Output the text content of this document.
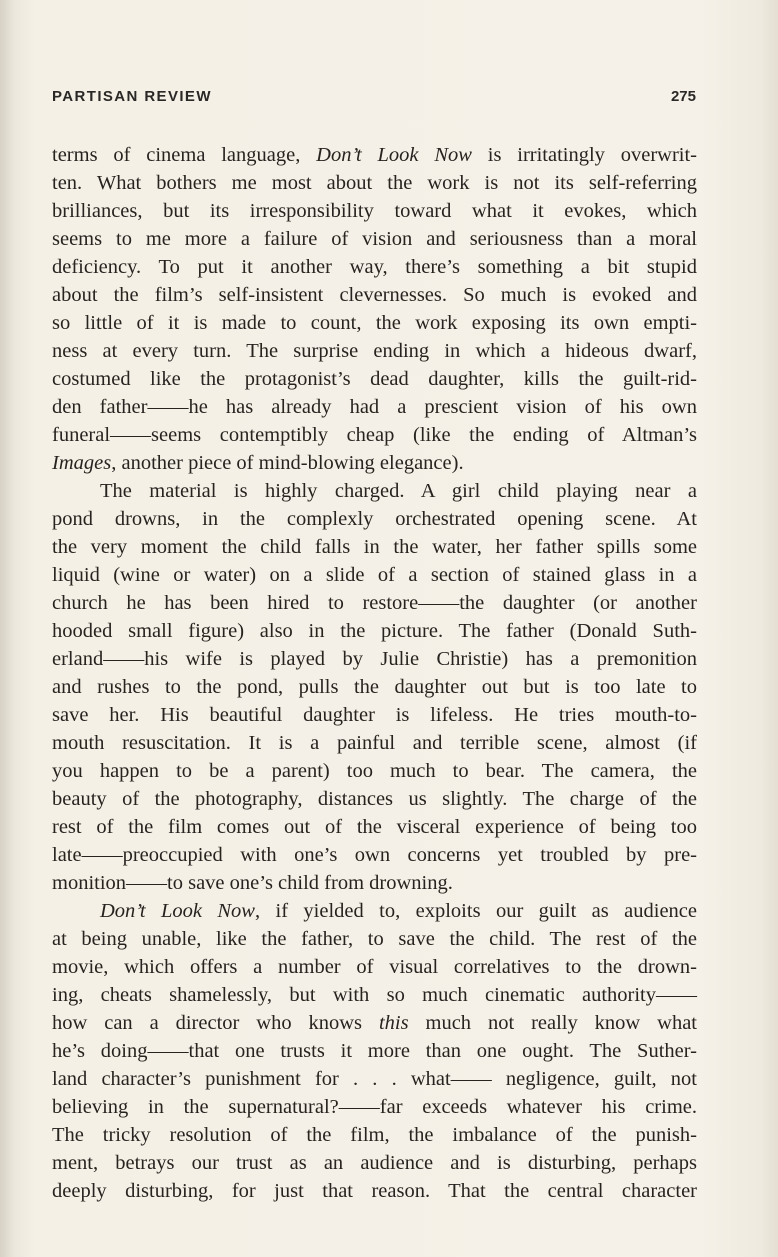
PARTISAN REVIEW	275
terms of cinema language, Don’t Look Now is irritatingly overwrit-
ten. What bothers me most about the work is not its self-referring
brilliances, but its irresponsibility toward what it evokes, which
seems to me more a failure of vision and seriousness than a moral
deficiency. To put it another way, there’s something a bit stupid
about the film’s self-insistent clevernesses. So much is evoked and
so little of it is made to count, the work exposing its own empti-
ness at every turn. The surprise ending in which a hideous dwarf,
costumed like the protagonist’s dead daughter, kills the guilt-rid-
den father——he has already had a prescient vision of his own
funeral——seems contemptibly cheap (like the ending of Altman’s
Images, another piece of mind-blowing elegance).
The material is highly charged. A girl child playing near a
pond drowns, in the complexly orchestrated opening scene. At
the very moment the child falls in the water, her father spills some
liquid (wine or water) on a slide of a section of stained glass in a
church he has been hired to restore——the daughter (or another
hooded small figure) also in the picture. The father (Donald Suth-
erland——his wife is played by Julie Christie) has a premonition
and rushes to the pond, pulls the daughter out but is too late to
save her. His beautiful daughter is lifeless. He tries mouth-to-
mouth resuscitation. It is a painful and terrible scene, almost (if
you happen to be a parent) too much to bear. The camera, the
beauty of the photography, distances us slightly. The charge of the
rest of the film comes out of the visceral experience of being too
late——preoccupied with one’s own concerns yet troubled by pre-
monition——to save one’s child from drowning.
Don’t Look Now, if yielded to, exploits our guilt as audience
at being unable, like the father, to save the child. The rest of the
movie, which offers a number of visual correlatives to the drown-
ing, cheats shamelessly, but with so much cinematic authority——
how can a director who knows this much not really know what
he’s doing——that one trusts it more than one ought. The Suther-
land character’s punishment for . . . what—— negligence, guilt, not
believing in the supernatural?——far exceeds whatever his crime.
The tricky resolution of the film, the imbalance of the punish-
ment, betrays our trust as an audience and is disturbing, perhaps
deeply disturbing, for just that reason. That the central character
